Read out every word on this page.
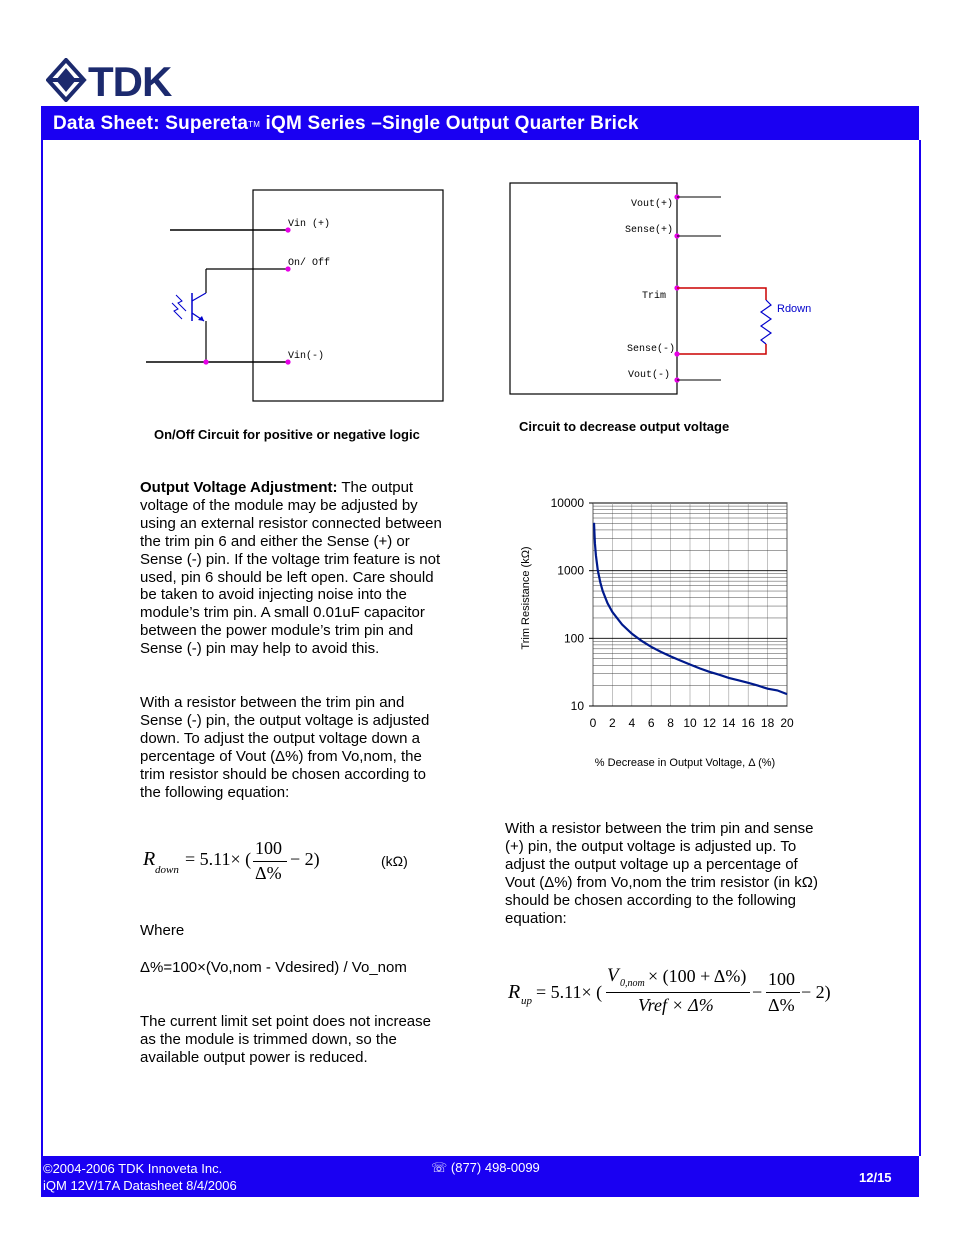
TDK
Data Sheet: Supereta™ iQM Series –Single Output Quarter Brick
Vin (+)
On/ Off
Vin(-)
On/Off Circuit for positive or negative logic
Vout(+)
Sense(+)
Trim
Sense(-)
Vout(-)
Rdown
Circuit to decrease output voltage
Output Voltage Adjustment: The output voltage of the module may be adjusted by using an external resistor connected between the trim pin 6 and either the Sense (+) or Sense (-) pin. If the voltage trim feature is not used, pin 6 should be left open. Care should be taken to avoid injecting noise into the module’s trim pin. A small 0.01uF capacitor between the power module’s trim pin and Sense (-) pin may help to avoid this.
With a resistor between the trim pin and Sense (-) pin, the output voltage is adjusted down. To adjust the output voltage down a percentage of Vout (Δ%) from Vo,nom, the trim resistor should be chosen according to the following equation:
R down
= 5.11× (
100
Δ%
− 2)	(kΩ)
Where
Δ%=100×(Vo,nom - Vdesired) / Vo_nom
The current limit set point does not increase as the module is trimmed down, so the available output power is reduced.
0 2 4 6 8 10 12 14 16 18 20
10
100
1000
10000
Trim Resistance (kΩ)
% Decrease in Output Voltage, Δ (%)
With a resistor between the trim pin and sense (+) pin, the output voltage is adjusted up. To adjust the output voltage up a percentage of Vout (Δ%) from Vo,nom the trim resistor (in kΩ) should be chosen according to the following equation:
R up = 5.11× (
V 0,nom × (100 + Δ%)
Vref × Δ%
−
100
Δ%
− 2)
©2004-2006 TDK Innoveta Inc.
iQM 12V/17A Datasheet 8/4/2006
☏ (877) 498-0099
12/15
